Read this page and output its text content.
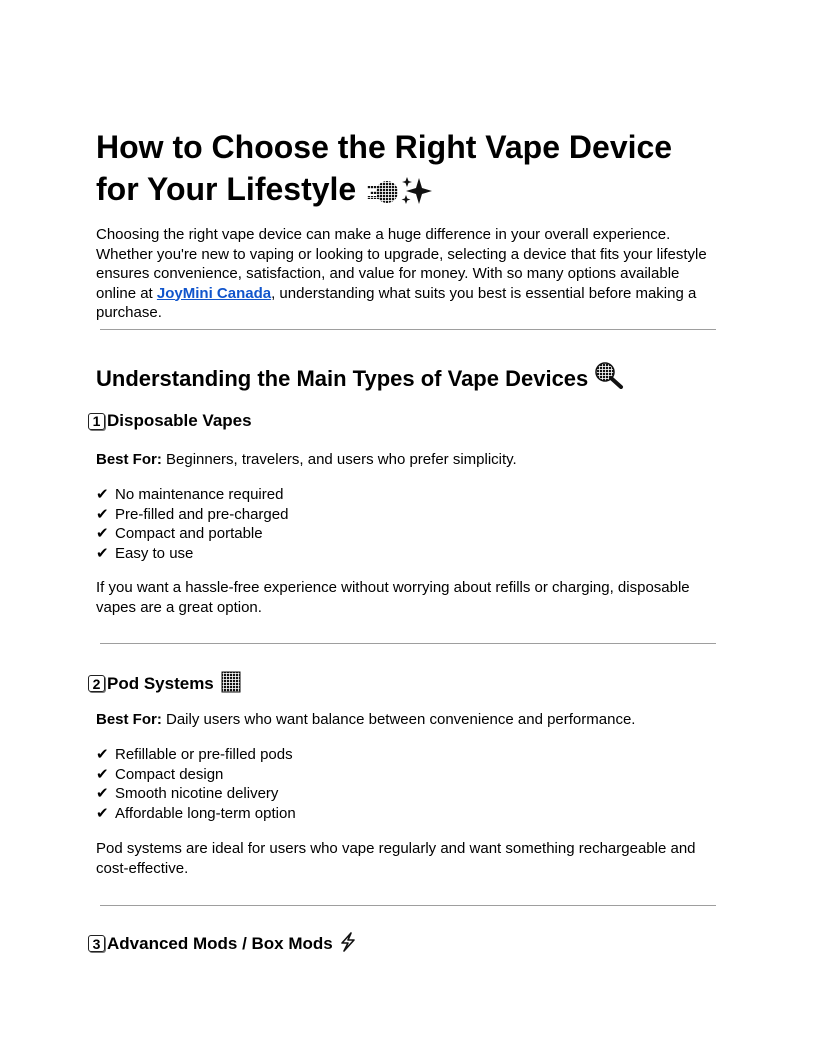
How to Choose the Right Vape Device for Your Lifestyle

Choosing the right vape device can make a huge difference in your overall experience. Whether you're new to vaping or looking to upgrade, selecting a device that fits your lifestyle ensures convenience, satisfaction, and value for money. With so many options available online at JoyMini Canada, understanding what suits you best is essential before making a purchase.

Understanding the Main Types of Vape Devices
1 Disposable Vapes

Best For: Beginners, travelers, and users who prefer simplicity.

✔ No maintenance required
✔ Pre-filled and pre-charged
✔ Compact and portable
✔ Easy to use

If you want a hassle-free experience without worrying about refills or charging, disposable vapes are a great option.

2 Pod Systems

Best For: Daily users who want balance between convenience and performance.

✔ Refillable or pre-filled pods
✔ Compact design
✔ Smooth nicotine delivery
✔ Affordable long-term option

Pod systems are ideal for users who vape regularly and want something rechargeable and cost-effective.

3 Advanced Mods / Box Mods
